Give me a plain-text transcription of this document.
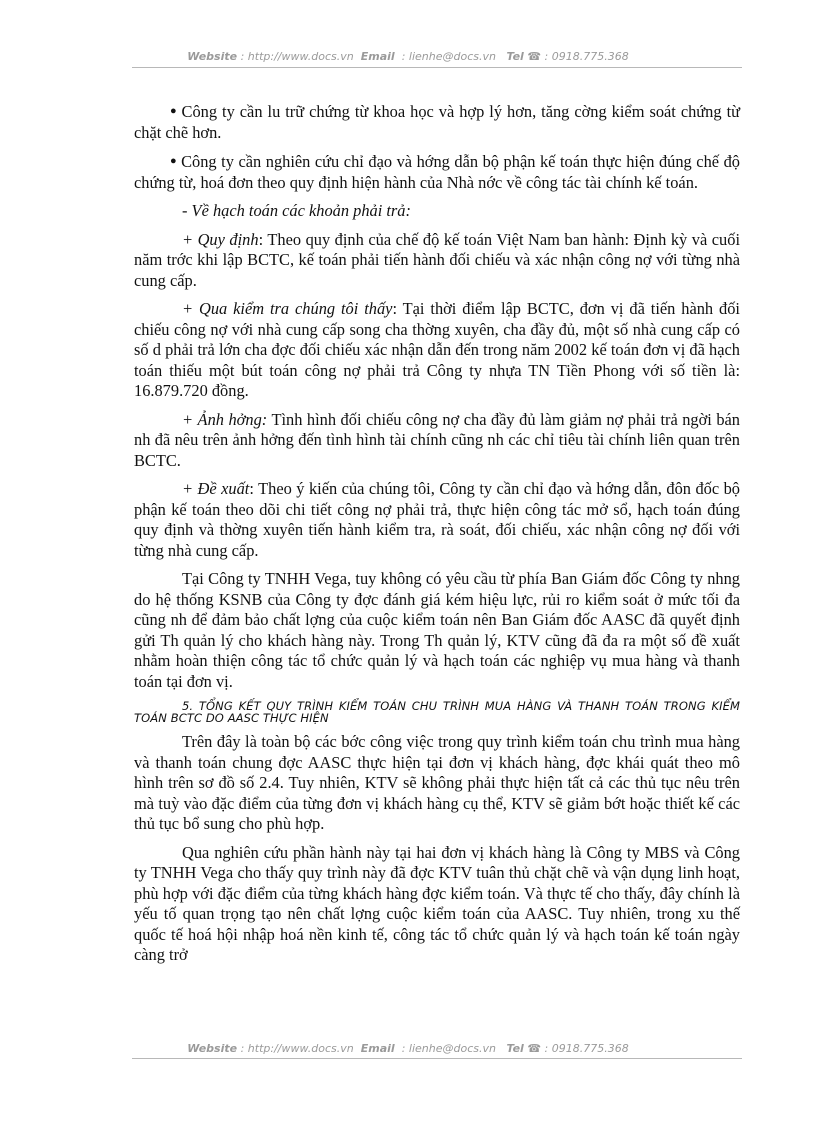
Website : http://www.docs.vn Email : lienhe@docs.vn Tel ☎ : 0918.775.368

● Công ty cần lu trữ chứng từ khoa học và hợp lý hơn, tăng cờng kiểm soát chứng từ chặt chẽ hơn.

● Công ty cần nghiên cứu chỉ đạo và hớng dẫn bộ phận kế toán thực hiện đúng chế độ chứng từ, hoá đơn theo quy định hiện hành của Nhà nớc về công tác tài chính kế toán.

- Về hạch toán các khoản phải trả:

+ Quy định: Theo quy định của chế độ kế toán Việt Nam ban hành: Định kỳ và cuối năm trớc khi lập BCTC, kế toán phải tiến hành đối chiếu và xác nhận công nợ với từng nhà cung cấp.

+ Qua kiểm tra chúng tôi thấy: Tại thời điểm lập BCTC, đơn vị đã tiến hành đối chiếu công nợ với nhà cung cấp song cha thờng xuyên, cha đầy đủ, một số nhà cung cấp có số d phải trả lớn cha đợc đối chiếu xác nhận dẫn đến trong năm 2002 kế toán đơn vị đã hạch toán thiếu một bút toán công nợ phải trả Công ty nhựa TN Tiền Phong với số tiền là: 16.879.720 đồng.

+ Ảnh hởng: Tình hình đối chiếu công nợ cha đầy đủ làm giảm nợ phải trả ngời bán nh đã nêu trên ảnh hởng đến tình hình tài chính cũng nh các chỉ tiêu tài chính liên quan trên BCTC.

+ Đề xuất: Theo ý kiến của chúng tôi, Công ty cần chỉ đạo và hớng dẫn, đôn đốc bộ phận kế toán theo dõi chi tiết công nợ phải trả, thực hiện công tác mở sổ, hạch toán đúng quy định và thờng xuyên tiến hành kiểm tra, rà soát, đối chiếu, xác nhận công nợ đối với từng nhà cung cấp.

Tại Công ty TNHH Vega, tuy không có yêu cầu từ phía Ban Giám đốc Công ty nhng do hệ thống KSNB của Công ty đợc đánh giá kém hiệu lực, rủi ro kiểm soát ở mức tối đa cũng nh để đảm bảo chất lợng của cuộc kiểm toán nên Ban Giám đốc AASC đã quyết định gửi Th quản lý cho khách hàng này. Trong Th quản lý, KTV cũng đã đa ra một số đề xuất nhằm hoàn thiện công tác tổ chức quản lý và hạch toán các nghiệp vụ mua hàng và thanh toán tại đơn vị.

5. TỔNG KẾT QUY TRÌNH KIỂM TOÁN CHU TRÌNH MUA HÀNG VÀ THANH TOÁN TRONG KIỂM TOÁN BCTC DO AASC THỰC HIỆN

Trên đây là toàn bộ các bớc công việc trong quy trình kiểm toán chu trình mua hàng và thanh toán chung đợc AASC thực hiện tại đơn vị khách hàng, đợc khái quát theo mô hình trên sơ đồ số 2.4. Tuy nhiên, KTV sẽ không phải thực hiện tất cả các thủ tục nêu trên mà tuỳ vào đặc điểm của từng đơn vị khách hàng cụ thể, KTV sẽ giảm bớt hoặc thiết kế các thủ tục bổ sung cho phù hợp.

Qua nghiên cứu phần hành này tại hai đơn vị khách hàng là Công ty MBS và Công ty TNHH Vega cho thấy quy trình này đã đợc KTV tuân thủ chặt chẽ và vận dụng linh hoạt, phù hợp với đặc điểm của từng khách hàng đợc kiểm toán. Và thực tế cho thấy, đây chính là yếu tố quan trọng tạo nên chất lợng cuộc kiểm toán của AASC. Tuy nhiên, trong xu thế quốc tế hoá hội nhập hoá nền kinh tế, công tác tổ chức quản lý và hạch toán kế toán ngày càng trở

Website : http://www.docs.vn Email : lienhe@docs.vn Tel ☎ : 0918.775.368
